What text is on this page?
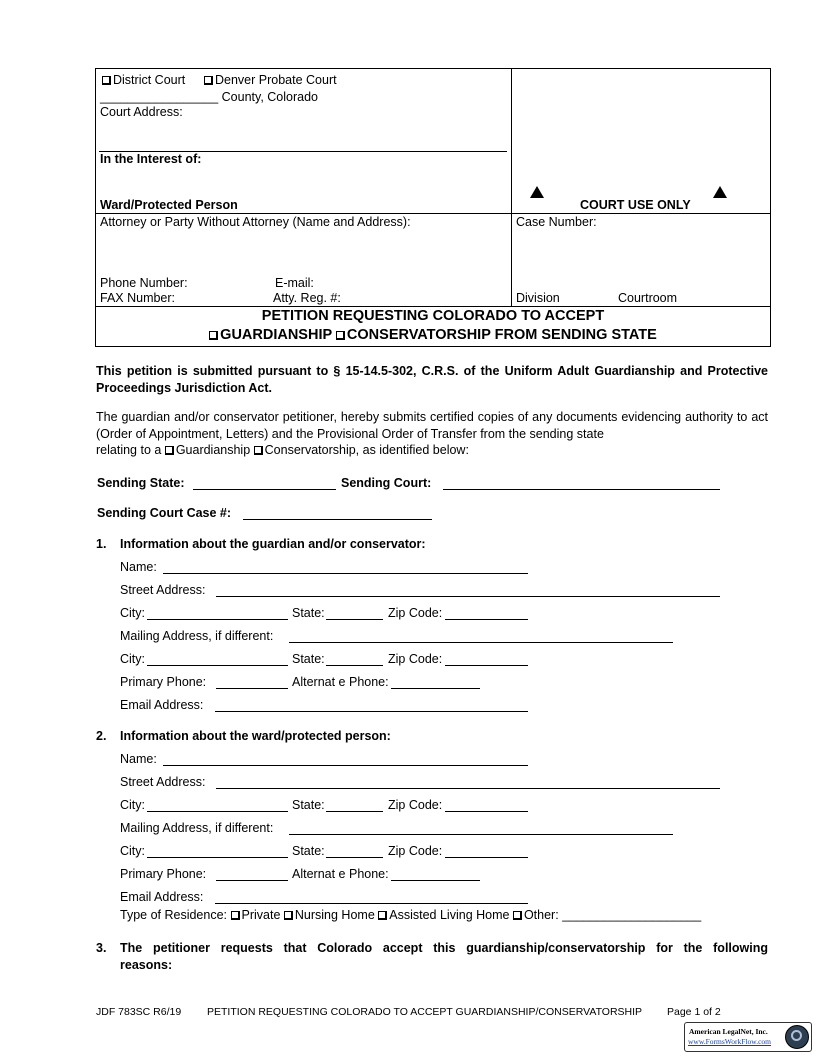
District Court	Denver Probate Court
_________________ County, Colorado
Court Address:
In the Interest of:
Ward/Protected Person	COURT USE ONLY
Attorney or Party Without Attorney (Name and Address):
Phone Number:	E-mail:
FAX Number:	Atty. Reg. #:
Case Number:
Division	Courtroom
PETITION REQUESTING COLORADO TO ACCEPT
GUARDIANSHIP CONSERVATORSHIP FROM SENDING STATE
This petition is submitted pursuant to § 15-14.5-302, C.R.S. of the Uniform Adult Guardianship and Protective Proceedings Jurisdiction Act.
The guardian and/or conservator petitioner, hereby submits certified copies of any documents evidencing authority to act (Order of Appointment, Letters) and the Provisional Order of Transfer from the sending state
relating to a Guardianship Conservatorship, as identified below:
Sending State:	Sending Court:
Sending Court Case #:
1. Information about the guardian and/or conservator:
Name:
Street Address:
City:	State:	Zip Code:
Mailing Address, if different:
City:	State:	Zip Code:
Primary Phone:	Alternat e Phone:
Email Address:
2. Information about the ward/protected person:
Name:
Street Address:
City:	State:	Zip Code:
Mailing Address, if different:
City:	State:	Zip Code:
Primary Phone:	Alternat e Phone:
Email Address:
Type of Residence: Private Nursing Home Assisted Living Home Other: ____________________
3. The petitioner requests that Colorado accept this guardianship/conservatorship for the following
reasons:
JDF 783SC R6/19 PETITION REQUESTING COLORADO TO ACCEPT GUARDIANSHIP/CONSERVATORSHIP Page 1 of 2
American LegalNet, Inc.
www.FormsWorkFlow.com
